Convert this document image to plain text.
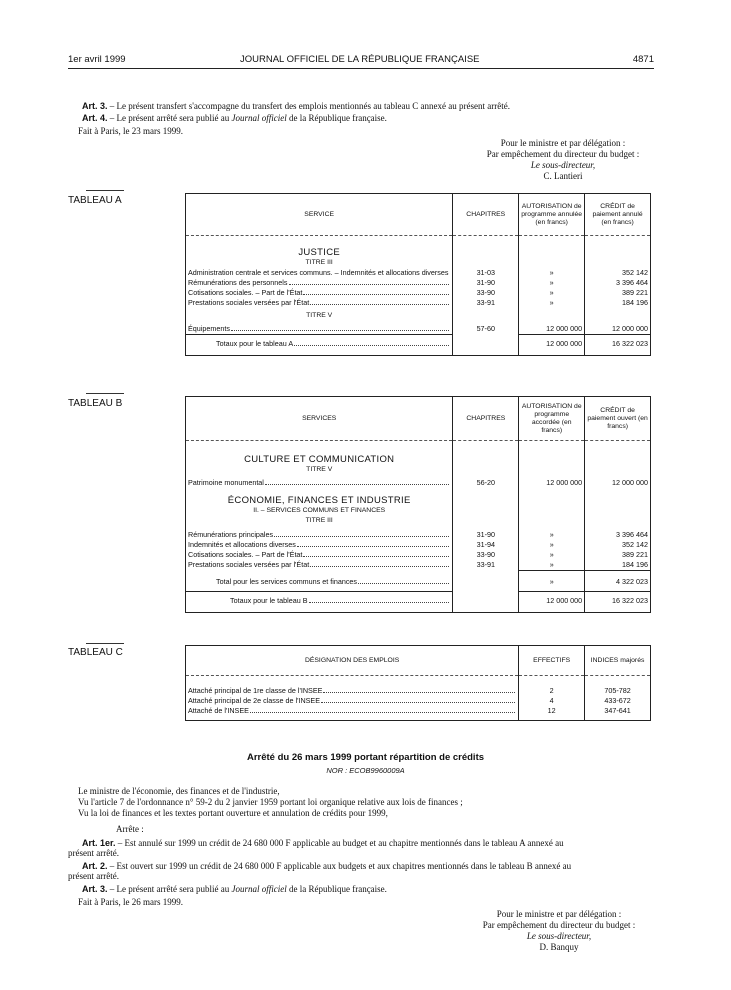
1er avril 1999	JOURNAL OFFICIEL DE LA RÉPUBLIQUE FRANÇAISE	4871
Art. 3. – Le présent transfert s'accompagne du transfert des emplois mentionnés au tableau C annexé au présent arrêté.
Art. 4. – Le présent arrêté sera publié au Journal officiel de la République française.
Fait à Paris, le 23 mars 1999.
Pour le ministre et par délégation :
Par empêchement du directeur du budget :
Le sous-directeur,
C. Lantieri
TABLEAU A
SERVICE	CHAPITRES	AUTORISATION de programme annulée (en francs)	CRÉDIT de paiement annulé (en francs)

JUSTICE			
TITRE III			

Administration centrale et services communs. – Indemnités et allocations diverses	31-03	»	352 142

Rémunérations des personnels	31-90	»	3 396 464

Cotisations sociales. – Part de l'État	33-90	»	389 221

Prestations sociales versées par l'État	33-91	»	184 196
TITRE V			

Équipements	57-60	12 000 000	12 000 000

Totaux pour le tableau A		12 000 000	16 322 023
TABLEAU B
SERVICES	CHAPITRES	AUTORISATION de programme accordée (en francs)	CRÉDIT de paiement ouvert (en francs)

CULTURE ET COMMUNICATION			
TITRE V			

Patrimoine monumental	56-20	12 000 000	12 000 000

ÉCONOMIE, FINANCES ET INDUSTRIE			
II. – SERVICES COMMUNS ET FINANCES			
TITRE III			

Rémunérations principales	31-90	»	3 396 464

Indemnités et allocations diverses	31-94	»	352 142

Cotisations sociales. – Part de l'État	33-90	»	389 221

Prestations sociales versées par l'État	33-91	»	184 196

Total pour les services communs et finances		»	4 322 023

Totaux pour le tableau B		12 000 000	16 322 023
TABLEAU C
DÉSIGNATION DES EMPLOIS	EFFECTIFS	INDICES majorés

Attaché principal de 1re classe de l'INSEE	2	705-782

Attaché principal de 2e classe de l'INSEE	4	433-672

Attaché de l'INSEE	12	347-641
Arrêté du 26 mars 1999 portant répartition de crédits
NOR : ECOB9960009A
Le ministre de l'économie, des finances et de l'industrie,
Vu l'article 7 de l'ordonnance n° 59-2 du 2 janvier 1959 portant loi organique relative aux lois de finances ;
Vu la loi de finances et les textes portant ouverture et annulation de crédits pour 1999,
Arrête :
Art. 1er. – Est annulé sur 1999 un crédit de 24 680 000 F applicable au budget et au chapitre mentionnés dans le tableau A annexé au
présent arrêté.
Art. 2. – Est ouvert sur 1999 un crédit de 24 680 000 F applicable aux budgets et aux chapitres mentionnés dans le tableau B annexé au
présent arrêté.
Art. 3. – Le présent arrêté sera publié au Journal officiel de la République française.
Fait à Paris, le 26 mars 1999.
Pour le ministre et par délégation :
Par empêchement du directeur du budget :
Le sous-directeur,
D. Banquy
